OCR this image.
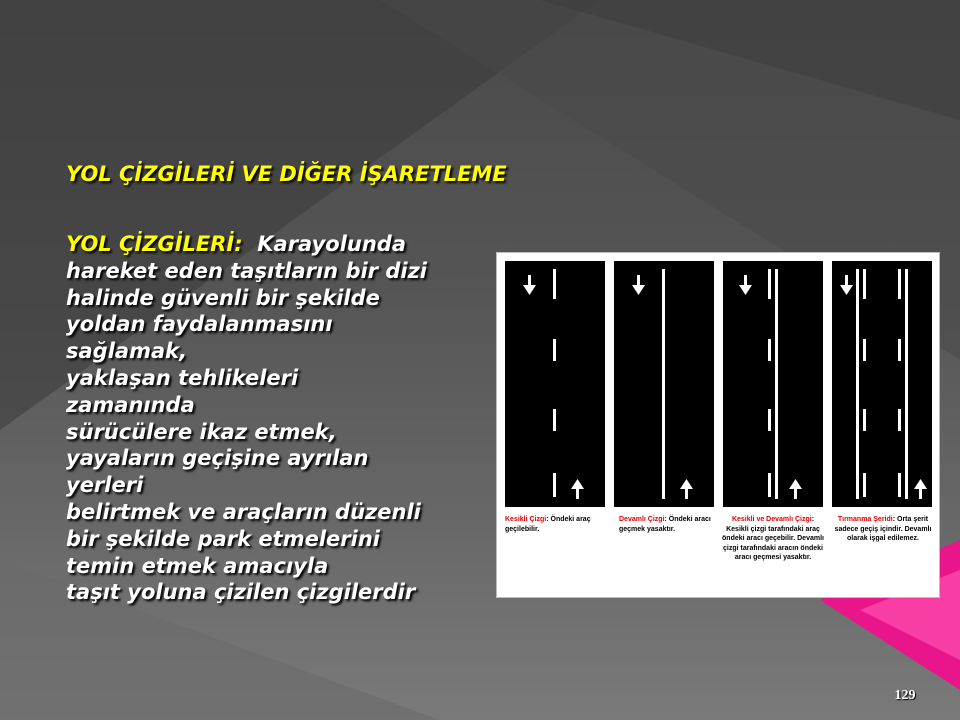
YOL ÇİZGİLERİ VE DİĞER İŞARETLEME
YOL ÇİZGİLERİ: Karayolunda
hareket eden taşıtların bir dizi
halinde güvenli bir şekilde
yoldan faydalanmasını
sağlamak,
yaklaşan tehlikeleri
zamanında
sürücülere ikaz etmek,
yayaların geçişine ayrılan
yerleri
belirtmek ve araçların düzenli
bir şekilde park etmelerini
temin etmek amacıyla
taşıt yoluna çizilen çizgilerdir
Kesikli Çizgi: Öndeki araç geçilebilir.
Devamlı Çizgi: Öndeki aracı geçmek yasaktır.
Kesikli ve Devamlı Çizgi: Kesikli çizgi tarafındaki araç öndeki aracı geçebilir. Devamlı çizgi tarafındaki aracın öndeki aracı geçmesi yasaktır.
Tırmanma Şeridi: Orta şerit sadece geçiş içindir. Devamlı olarak işgal edilemez.
129
